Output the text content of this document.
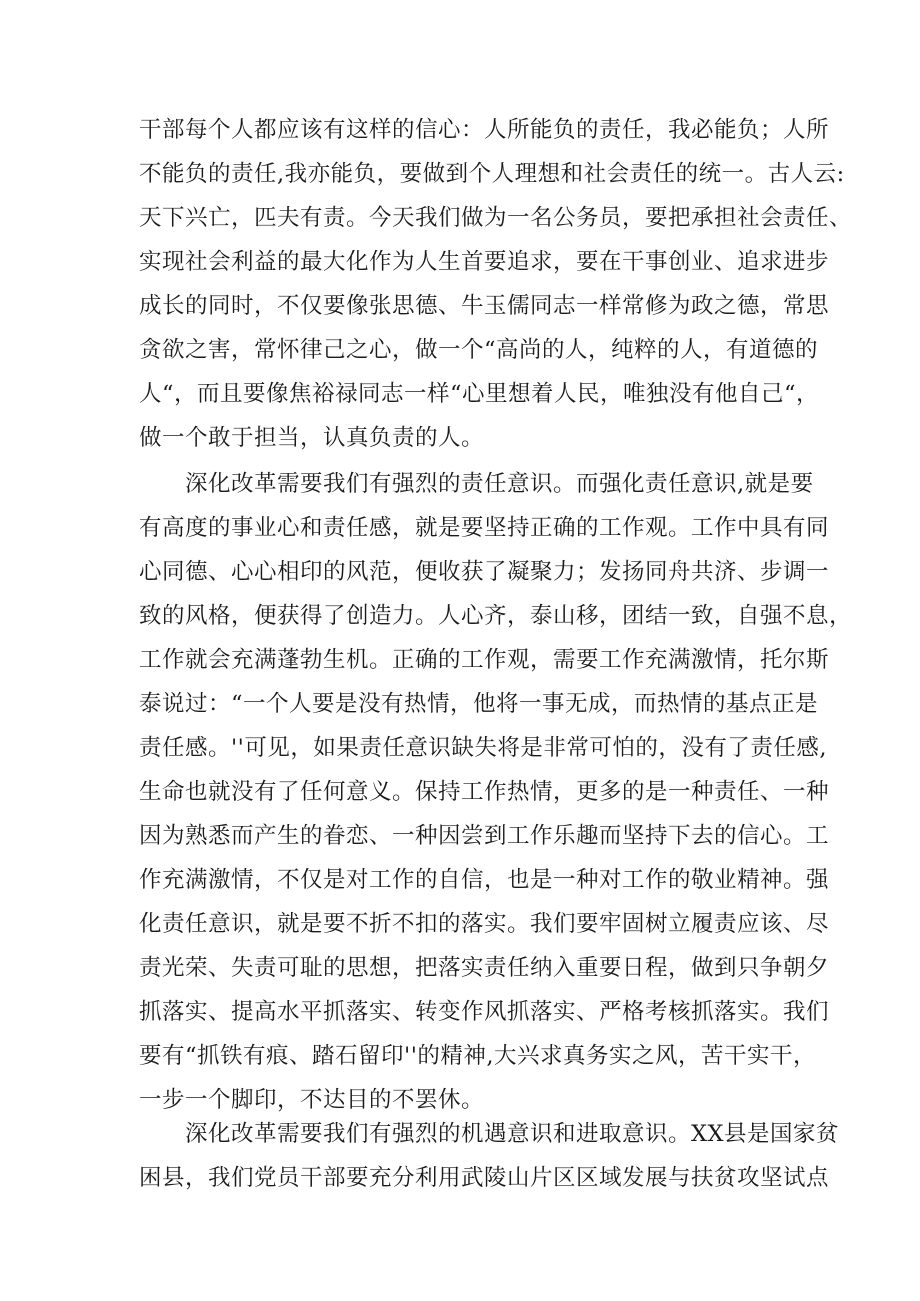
干部每个人都应该有这样的信心：人所能负的责任，我必能负；人所
不能负的责任,我亦能负，要做到个人理想和社会责任的统一。古人云:
天下兴亡，匹夫有责。今天我们做为一名公务员，要把承担社会责任、
实现社会利益的最大化作为人生首要追求，要在干事创业、追求进步
成长的同时，不仅要像张思德、牛玉儒同志一样常修为政之德，常思
贪欲之害，常怀律己之心，做一个“高尚的人，纯粹的人，有道德的
人“，而且要像焦裕禄同志一样“心里想着人民，唯独没有他自己“，
做一个敢于担当，认真负责的人。
深化改革需要我们有强烈的责任意识。而强化责任意识,就是要
有高度的事业心和责任感，就是要坚持正确的工作观。工作中具有同
心同德、心心相印的风范，便收获了凝聚力；发扬同舟共济、步调一
致的风格，便获得了创造力。人心齐，泰山移，团结一致，自强不息，
工作就会充满蓬勃生机。正确的工作观，需要工作充满激情，托尔斯
泰说过：“一个人要是没有热情，他将一事无成，而热情的基点正是
责任感。''可见，如果责任意识缺失将是非常可怕的，没有了责任感,
生命也就没有了任何意义。保持工作热情，更多的是一种责任、一种
因为熟悉而产生的眷恋、一种因尝到工作乐趣而坚持下去的信心。工
作充满激情，不仅是对工作的自信，也是一种对工作的敬业精神。强
化责任意识，就是要不折不扣的落实。我们要牢固树立履责应该、尽
责光荣、失责可耻的思想，把落实责任纳入重要日程，做到只争朝夕
抓落实、提高水平抓落实、转变作风抓落实、严格考核抓落实。我们
要有“抓铁有痕、踏石留印''的精神,大兴求真务实之风，苦干实干，
一步一个脚印，不达目的不罢休。
深化改革需要我们有强烈的机遇意识和进取意识。XX县是国家贫
困县，我们党员干部要充分利用武陵山片区区域发展与扶贫攻坚试点
